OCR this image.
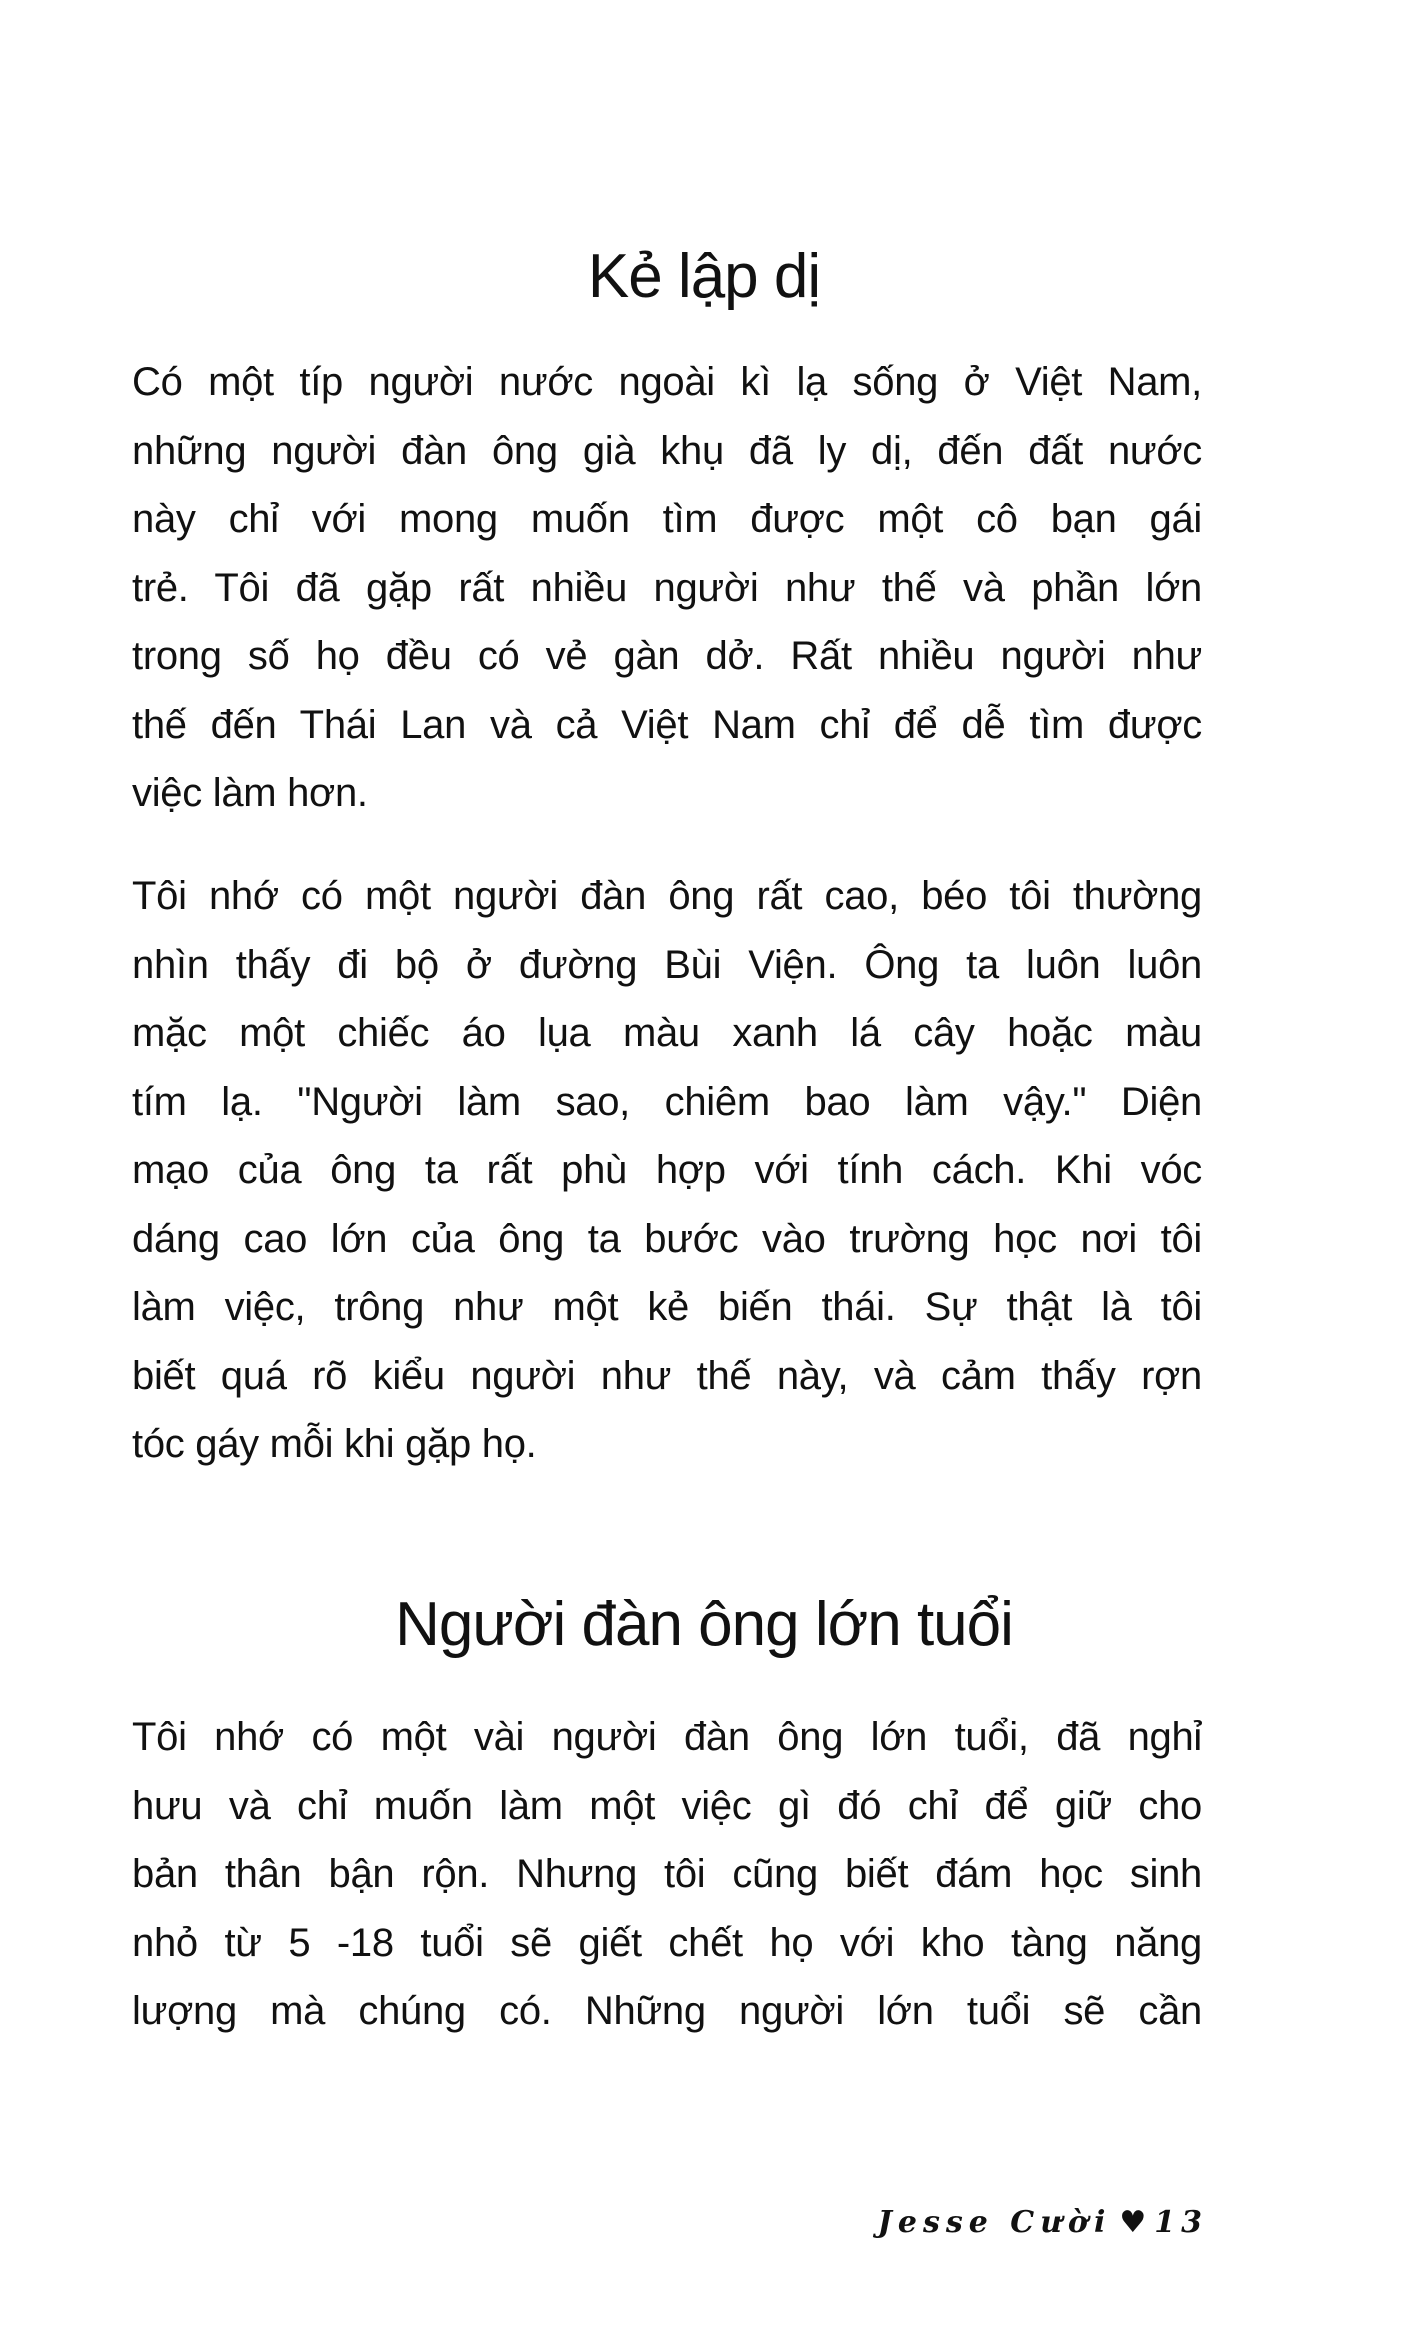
Kẻ lập dị
Có một típ người nước ngoài kì lạ sống ở Việt Nam,
những người đàn ông già khụ đã ly dị, đến đất nước
này chỉ với mong muốn tìm được một cô bạn gái
trẻ. Tôi đã gặp rất nhiều người như thế và phần lớn
trong số họ đều có vẻ gàn dở. Rất nhiều người như
thế đến Thái Lan và cả Việt Nam chỉ để dễ tìm được
việc làm hơn.
Tôi nhớ có một người đàn ông rất cao, béo tôi thường
nhìn thấy đi bộ ở đường Bùi Viện. Ông ta luôn luôn
mặc một chiếc áo lụa màu xanh lá cây hoặc màu
tím lạ. "Người làm sao, chiêm bao làm vậy." Diện
mạo của ông ta rất phù hợp với tính cách. Khi vóc
dáng cao lớn của ông ta bước vào trường học nơi tôi
làm việc, trông như một kẻ biến thái. Sự thật là tôi
biết quá rõ kiểu người như thế này, và cảm thấy rợn
tóc gáy mỗi khi gặp họ.
Người đàn ông lớn tuổi
Tôi nhớ có một vài người đàn ông lớn tuổi, đã nghỉ
hưu và chỉ muốn làm một việc gì đó chỉ để giữ cho
bản thân bận rộn. Nhưng tôi cũng biết đám học sinh
nhỏ từ 5 -18 tuổi sẽ giết chết họ với kho tàng năng
lượng mà chúng có. Những người lớn tuổi sẽ cần
Jesse Cười ♥ 13
